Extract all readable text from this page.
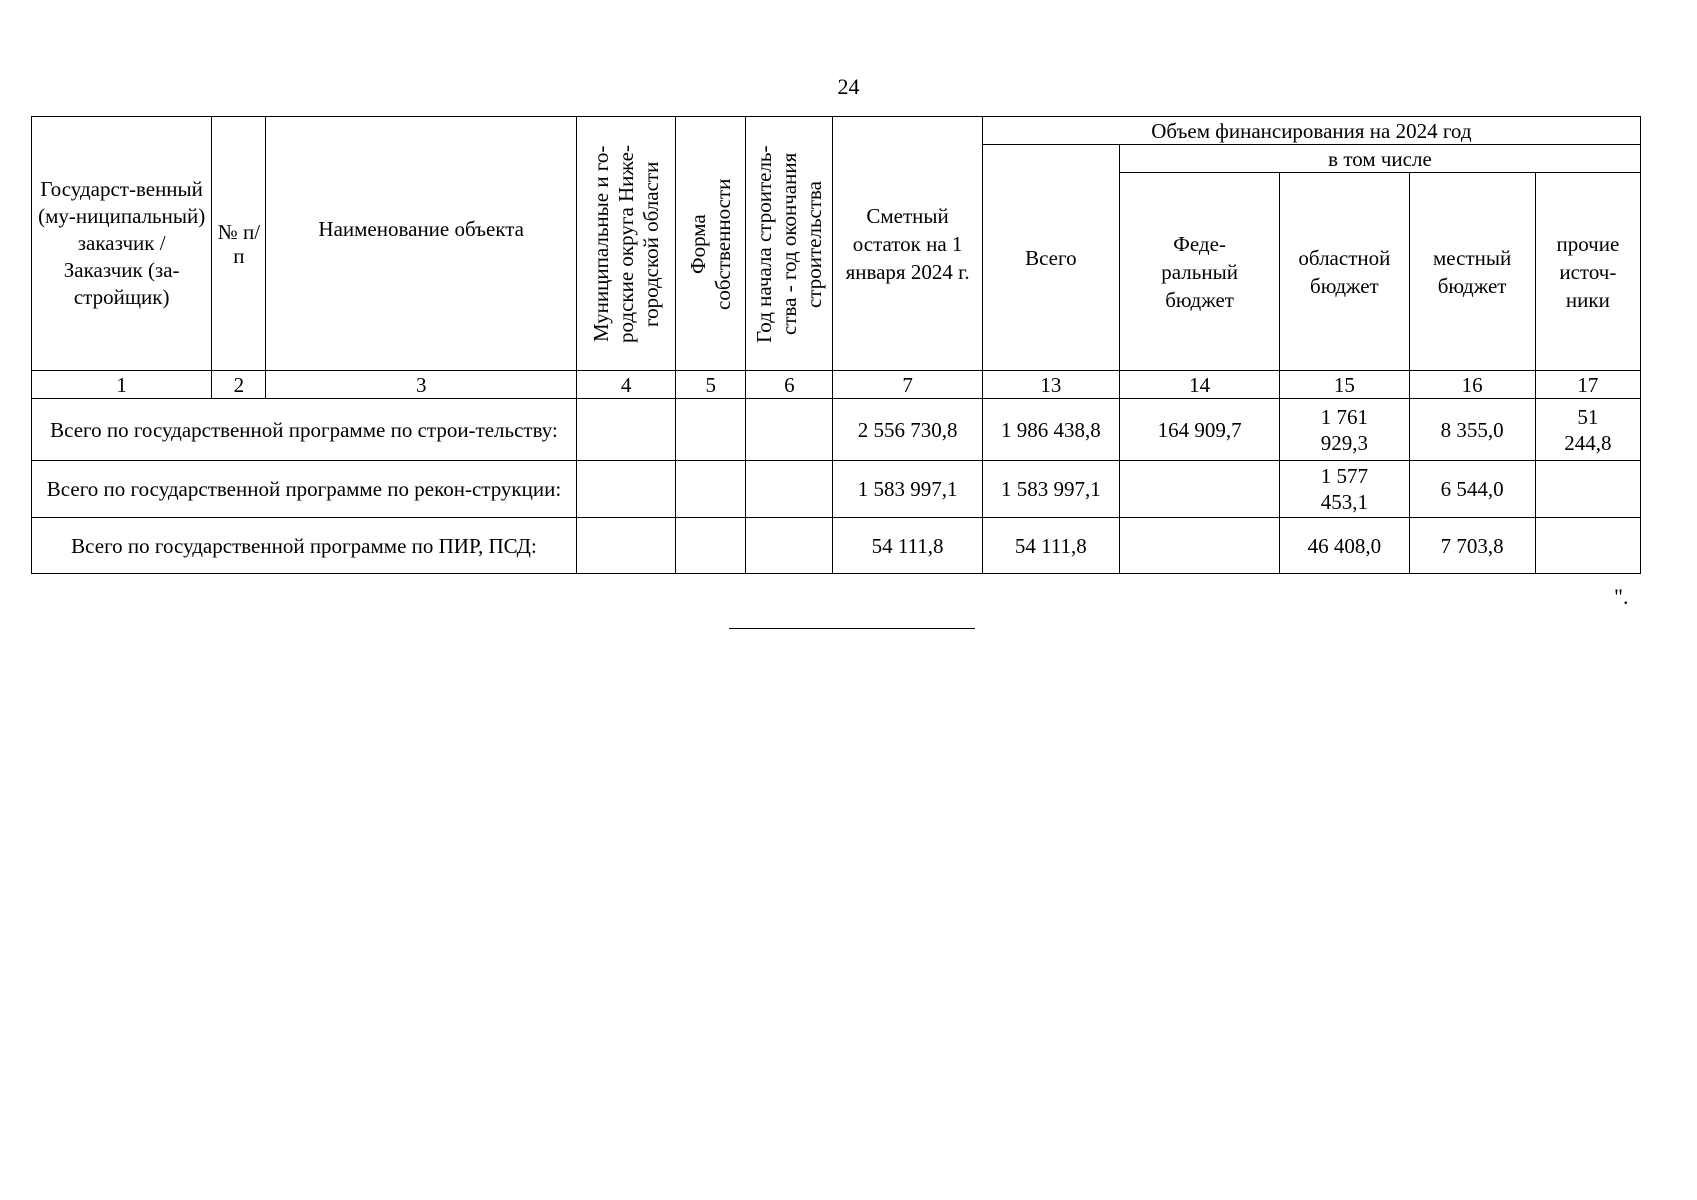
24
Государст-венный (му-ниципальный) заказчик / Заказчик (за-стройщик)	№ п/п	Наименование объекта	Муниципальные и го-родские округа Ниже-городской области	Форма собственности	Год начала строитель-ства - год окончания строительства	Сметный остаток на 1 января 2024 г.	Объем финансирования на 2024 год				
							Всего	в том числе			
								Феде-ральный бюджет	областной бюджет	местный бюджет	прочие источ-ники
1	2	3	4	5	6	7	13	14	15	16	17
Всего по государственной программе по строи-тельству:						2 556 730,8	1 986 438,8	164 909,7	1 761 929,3	8 355,0	51 244,8
Всего по государственной программе по рекон-струкции:						1 583 997,1	1 583 997,1		1 577 453,1	6 544,0	
Всего по государственной программе по ПИР, ПСД:						54 111,8	54 111,8		46 408,0	7 703,8	
".
